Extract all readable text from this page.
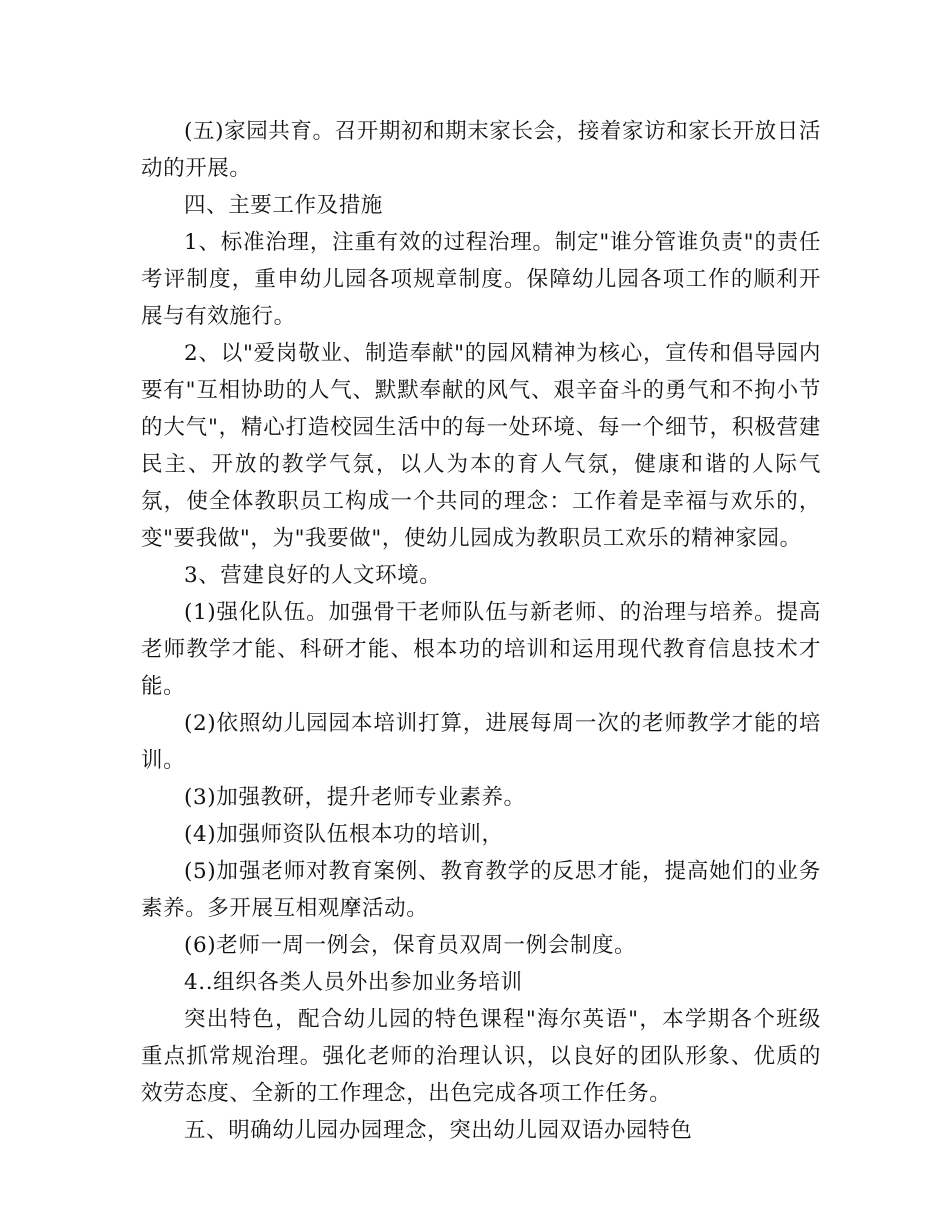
(五)家园共育。召开期初和期末家长会，接着家访和家长开放日活动的开展。

四、主要工作及措施

1、标准治理，注重有效的过程治理。制定"谁分管谁负责"的责任考评制度，重申幼儿园各项规章制度。保障幼儿园各项工作的顺利开展与有效施行。

2、以"爱岗敬业、制造奉献"的园风精神为核心，宣传和倡导园内要有"互相协助的人气、默默奉献的风气、艰辛奋斗的勇气和不拘小节的大气"，精心打造校园生活中的每一处环境、每一个细节，积极营建民主、开放的教学气氛，以人为本的育人气氛，健康和谐的人际气氛，使全体教职员工构成一个共同的理念：工作着是幸福与欢乐的，变"要我做"，为"我要做"，使幼儿园成为教职员工欢乐的精神家园。

3、营建良好的人文环境。

(1)强化队伍。加强骨干老师队伍与新老师、的治理与培养。提高老师教学才能、科研才能、根本功的培训和运用现代教育信息技术才能。

(2)依照幼儿园园本培训打算，进展每周一次的老师教学才能的培训。

(3)加强教研，提升老师专业素养。

(4)加强师资队伍根本功的培训，

(5)加强老师对教育案例、教育教学的反思才能，提高她们的业务素养。多开展互相观摩活动。

(6)老师一周一例会，保育员双周一例会制度。

4..组织各类人员外出参加业务培训

突出特色，配合幼儿园的特色课程"海尔英语"，本学期各个班级重点抓常规治理。强化老师的治理认识，以良好的团队形象、优质的效劳态度、全新的工作理念，出色完成各项工作任务。

五、明确幼儿园办园理念，突出幼儿园双语办园特色
